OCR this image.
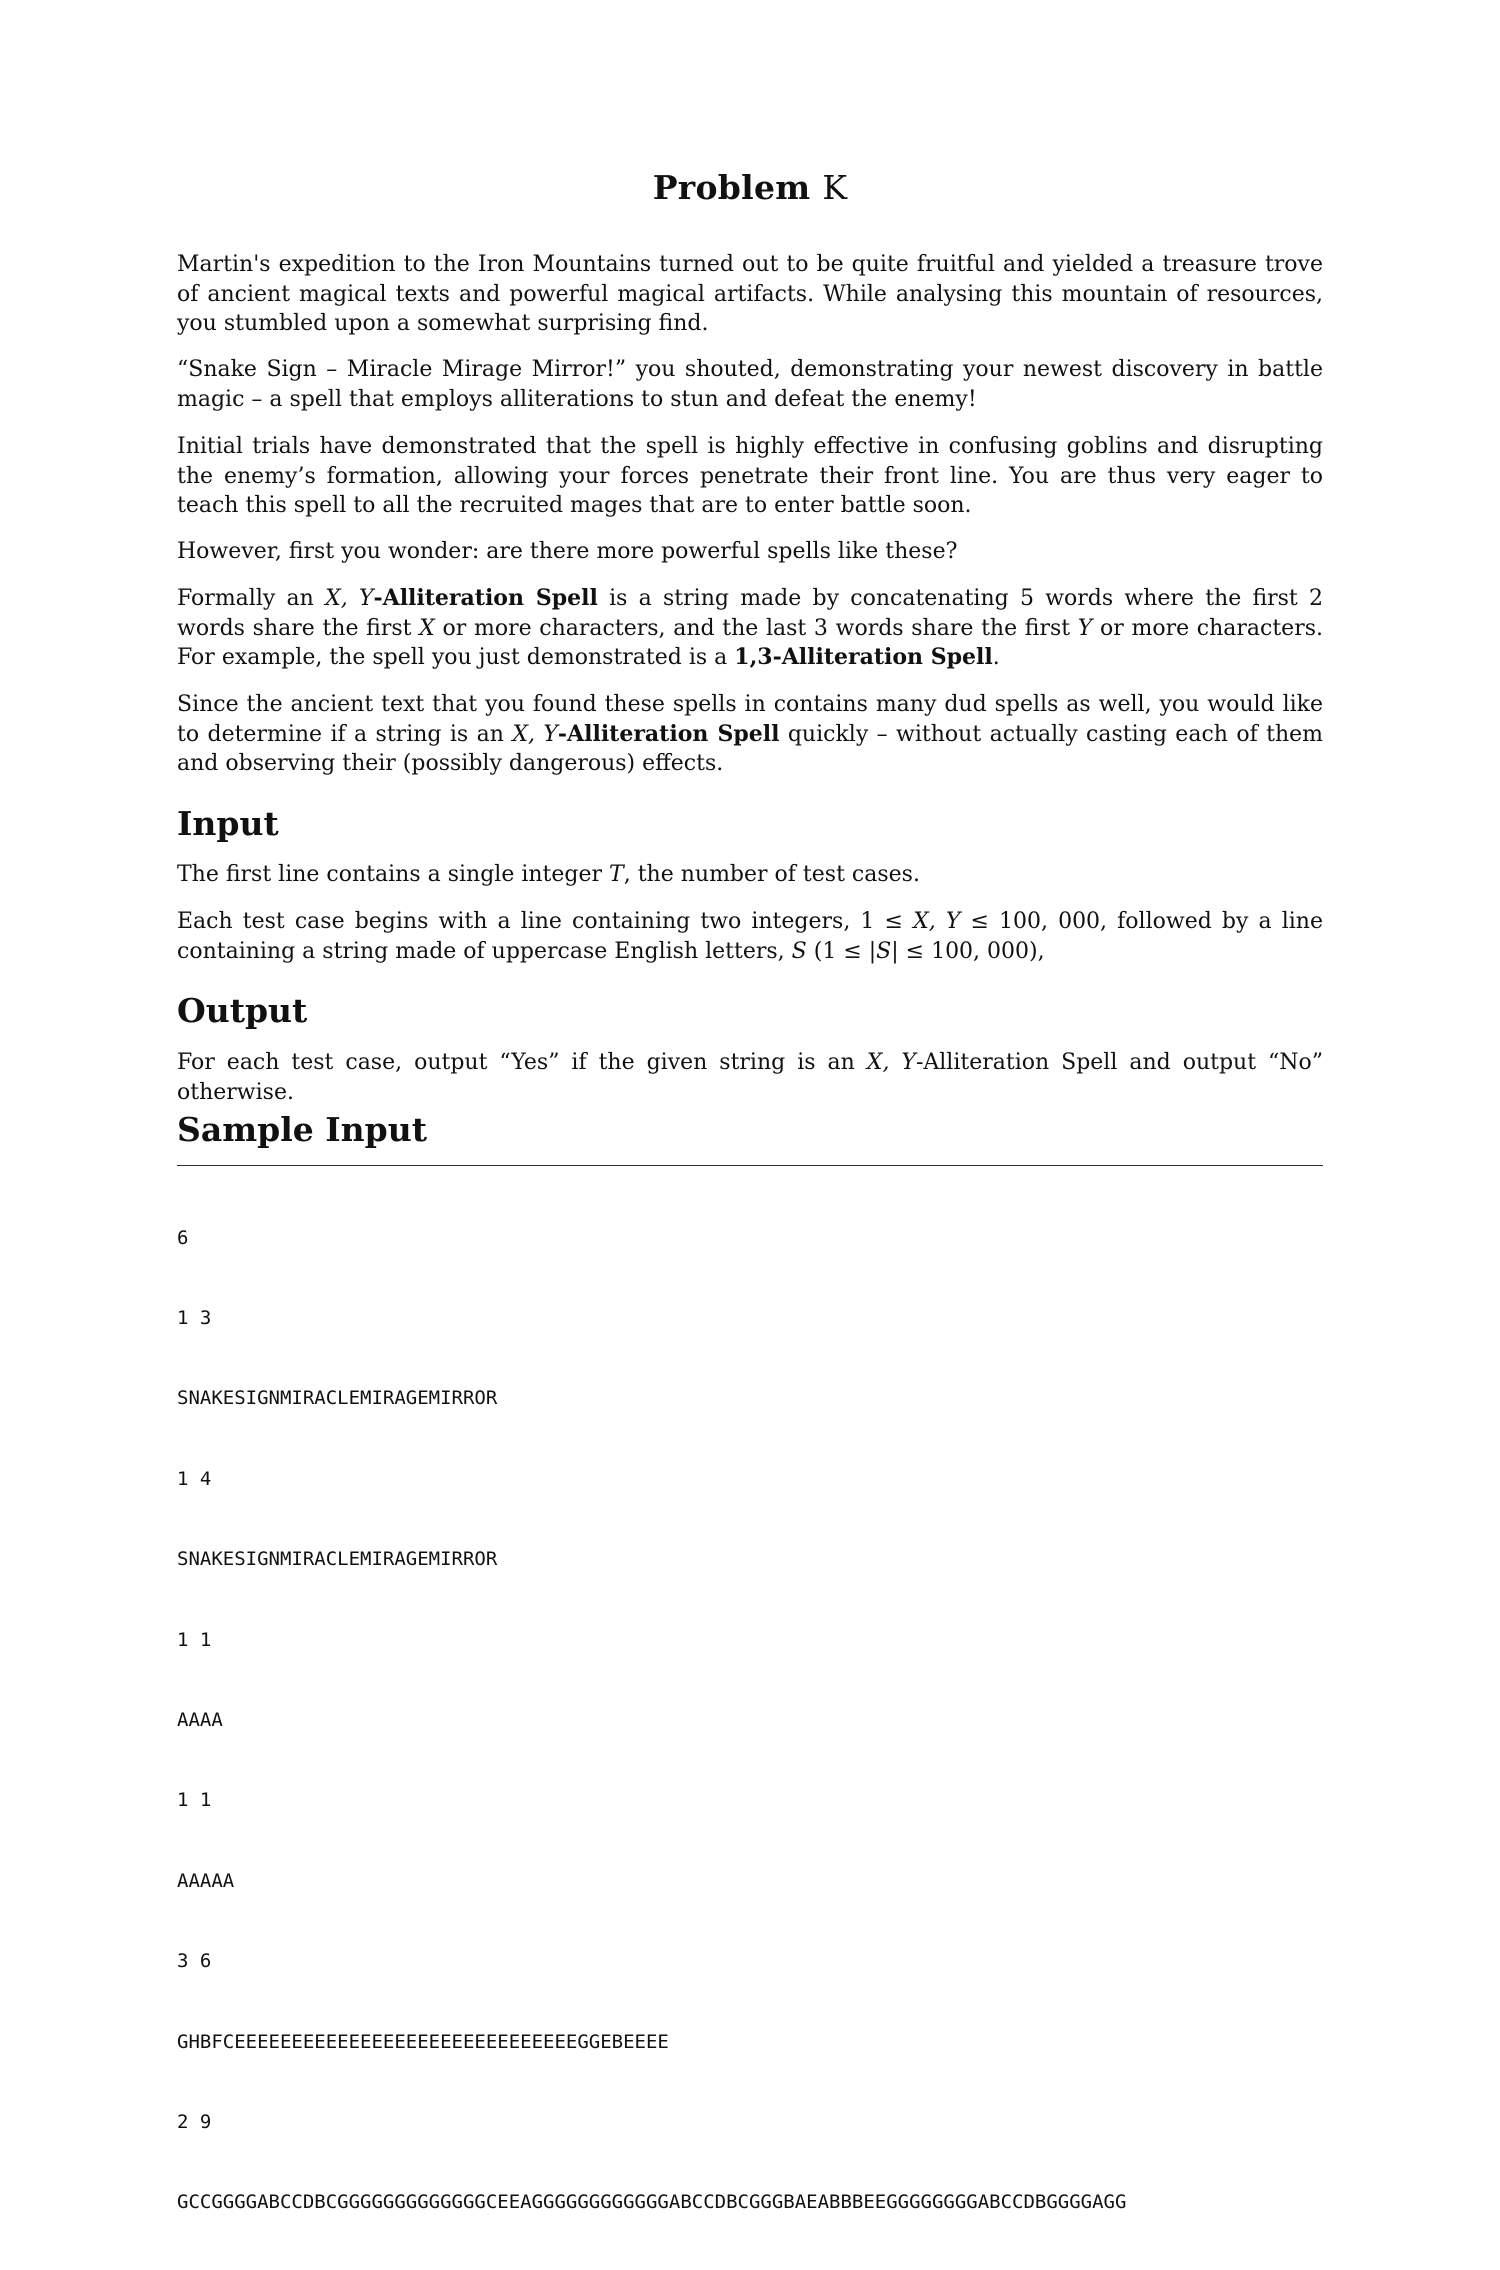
Problem K

Martin's expedition to the Iron Mountains turned out to be quite fruitful and yielded a treasure trove of ancient magical texts and powerful magical artifacts. While analysing this mountain of resources, you stumbled upon a somewhat surprising find.

“Snake Sign – Miracle Mirage Mirror!” you shouted, demonstrating your newest discovery in battle magic – a spell that employs alliterations to stun and defeat the enemy!

Initial trials have demonstrated that the spell is highly effective in confusing goblins and disrupting the enemy’s formation, allowing your forces penetrate their front line. You are thus very eager to teach this spell to all the recruited mages that are to enter battle soon.

However, first you wonder: are there more powerful spells like these?

Formally an X, Y-Alliteration Spell is a string made by concatenating 5 words where the first 2 words share the first X or more characters, and the last 3 words share the first Y or more characters. For example, the spell you just demonstrated is a 1,3-Alliteration Spell.

Since the ancient text that you found these spells in contains many dud spells as well, you would like to determine if a string is an X, Y-Alliteration Spell quickly – without actually casting each of them and observing their (possibly dangerous) effects.

Input

The first line contains a single integer T, the number of test cases.

Each test case begins with a line containing two integers, 1 ≤ X, Y ≤ 100, 000, followed by a line containing a string made of uppercase English letters, S (1 ≤ |S| ≤ 100, 000),

Output

For each test case, output “Yes” if the given string is an X, Y-Alliteration Spell and output “No” otherwise.

Sample Input

6

1 3

SNAKESIGNMIRACLEMIRAGEMIRROR

1 4

SNAKESIGNMIRACLEMIRAGEMIRROR

1 1

AAAA

1 1

AAAAA

3 6

GHBFCEEEEEEEEEEEEEEEEEEEEEEEEEEEEEEGGEBEEEE

2 9

GCCGGGGABCCDBCGGGGGGGGGGGGGCEEAGGGGGGGGGGGGABCCDBCGGGBAEABBBEEGGGGGGGGABCCDBGGGGAGG
